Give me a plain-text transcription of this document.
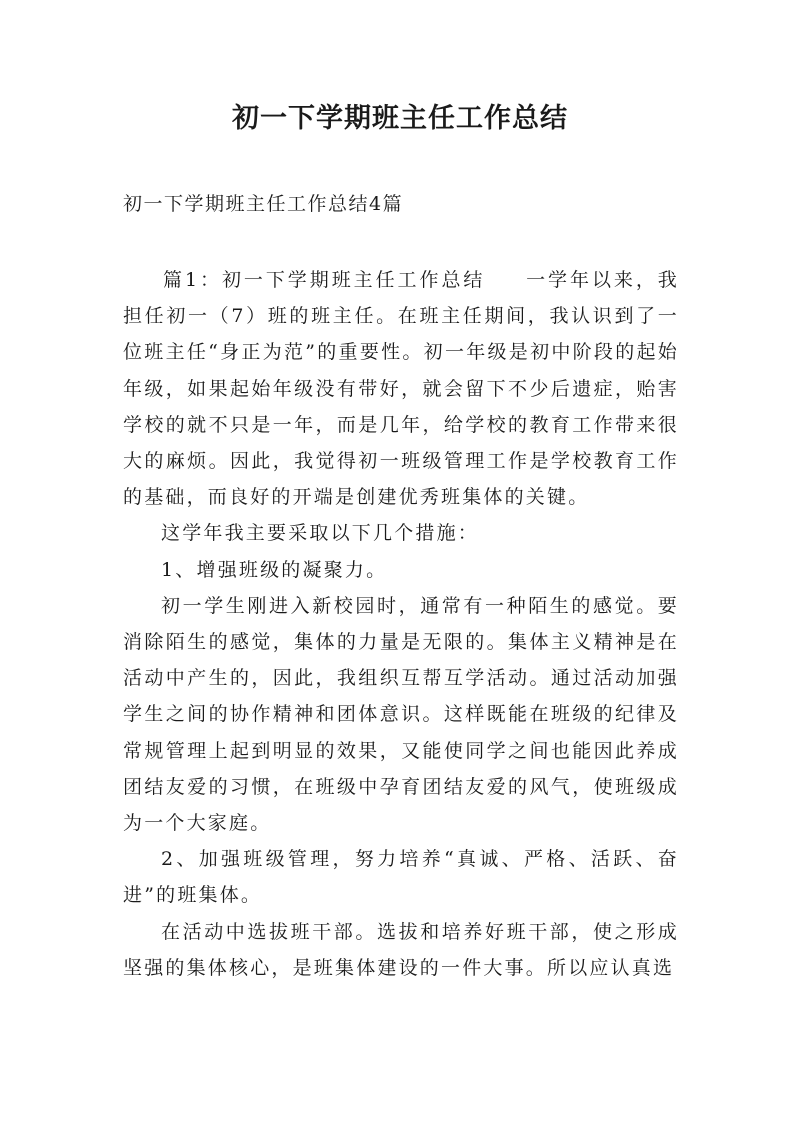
初一下学期班主任工作总结
初一下学期班主任工作总结4篇

篇1：初一下学期班主任工作总结 一学年以来，我担任初一（7）班的班主任。在班主任期间，我认识到了一位班主任“身正为范”的重要性。初一年级是初中阶段的起始年级，如果起始年级没有带好，就会留下不少后遗症，贻害学校的就不只是一年，而是几年，给学校的教育工作带来很大的麻烦。因此，我觉得初一班级管理工作是学校教育工作的基础，而良好的开端是创建优秀班集体的关键。

这学年我主要采取以下几个措施：

1、增强班级的凝聚力。

初一学生刚进入新校园时，通常有一种陌生的感觉。要消除陌生的感觉，集体的力量是无限的。集体主义精神是在活动中产生的，因此，我组织互帮互学活动。通过活动加强学生之间的协作精神和团体意识。这样既能在班级的纪律及常规管理上起到明显的效果，又能使同学之间也能因此养成团结友爱的习惯，在班级中孕育团结友爱的风气，使班级成为一个大家庭。

2、加强班级管理，努力培养“真诚、严格、活跃、奋进”的班集体。

在活动中选拔班干部。选拔和培养好班干部，使之形成坚强的集体核心，是班集体建设的一件大事。所以应认真选
